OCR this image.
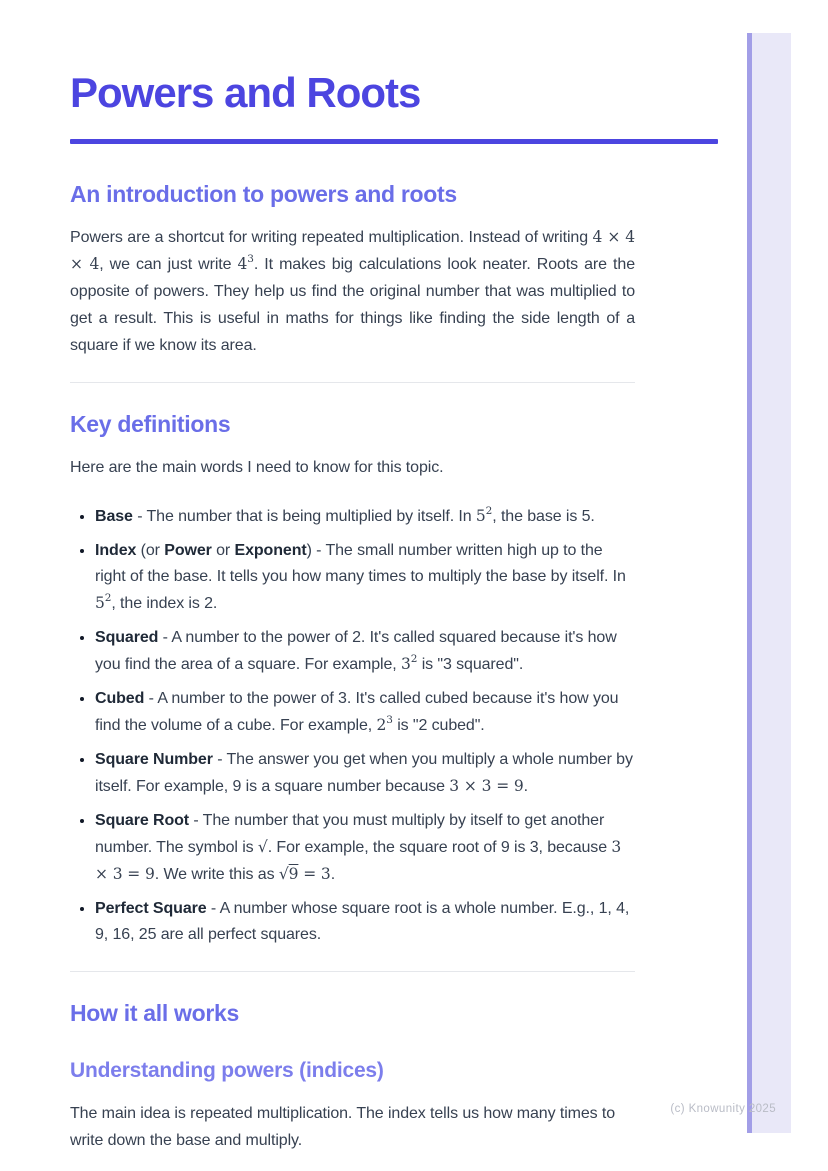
Powers and Roots
An introduction to powers and roots

Powers are a shortcut for writing repeated multiplication. Instead of writing 4 × 4 × 4, we can just write $4^3$. It makes big calculations look neater. Roots are the opposite of powers. They help us find the original number that was multiplied to get a result. This is useful in maths for things like finding the side length of a square if we know its area.

Key definitions

Here are the main words I need to know for this topic.

• Base - The number that is being multiplied by itself. In $5^2$, the base is 5.
• Index (or Power or Exponent) - The small number written high up to the right of the base. It tells you how many times to multiply the base by itself. In $5^2$, the index is 2.
• Squared - A number to the power of 2. It's called squared because it's how you find the area of a square. For example, $3^2$ is "3 squared".
• Cubed - A number to the power of 3. It's called cubed because it's how you find the volume of a cube. For example, $2^3$ is "2 cubed".
• Square Number - The answer you get when you multiply a whole number by itself. For example, 9 is a square number because 3 × 3 = 9.
• Square Root - The number that you must multiply by itself to get another number. The symbol is √. For example, the square root of 9 is 3, because 3 × 3 = 9. We write this as √9 = 3.
• Perfect Square - A number whose square root is a whole number. E.g., 1, 4, 9, 16, 25 are all perfect squares.
How it all works
Understanding powers (indices)

The main idea is repeated multiplication. The index tells us how many times to write down the base and multiply.

(c) Knowunity 2025
